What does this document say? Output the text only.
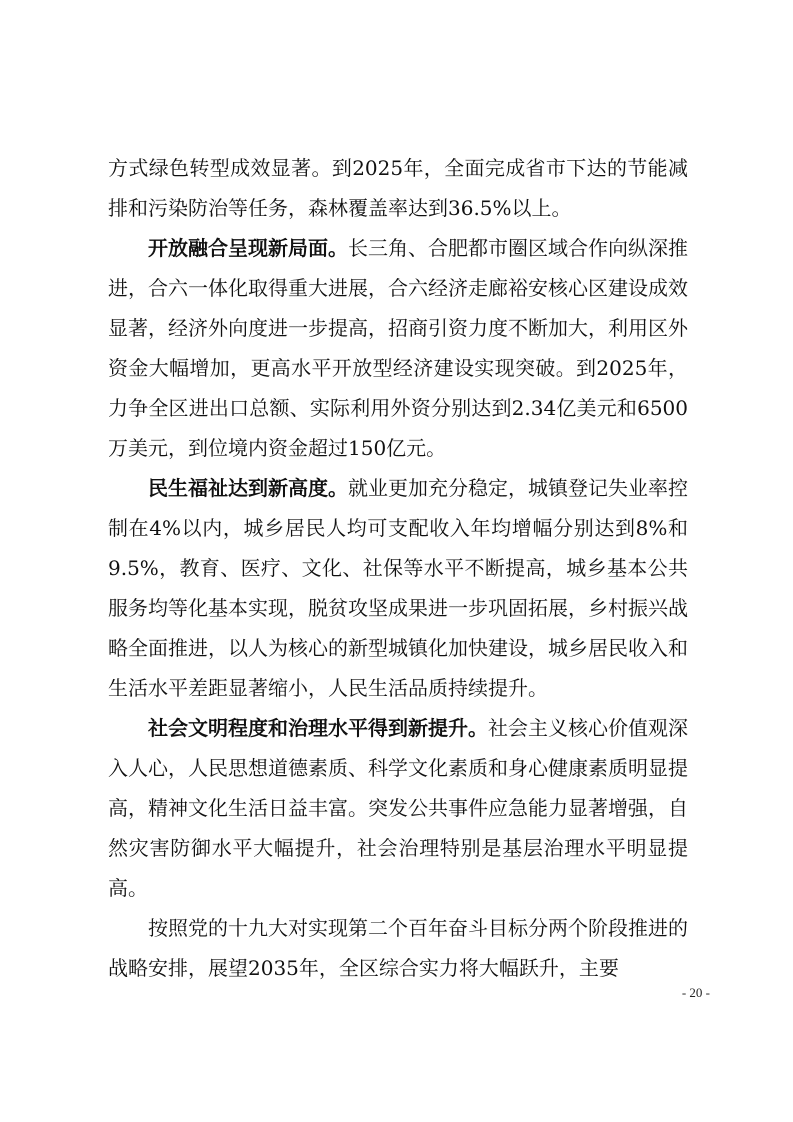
方式绿色转型成效显著。到2025年，全面完成省市下达的节能减排和污染防治等任务，森林覆盖率达到36.5%以上。

开放融合呈现新局面。长三角、合肥都市圈区域合作向纵深推进，合六一体化取得重大进展，合六经济走廊裕安核心区建设成效显著，经济外向度进一步提高，招商引资力度不断加大，利用区外资金大幅增加，更高水平开放型经济建设实现突破。到2025年，力争全区进出口总额、实际利用外资分别达到2.34亿美元和6500万美元，到位境内资金超过150亿元。

民生福祉达到新高度。就业更加充分稳定，城镇登记失业率控制在4%以内，城乡居民人均可支配收入年均增幅分别达到8%和9.5%，教育、医疗、文化、社保等水平不断提高，城乡基本公共服务均等化基本实现，脱贫攻坚成果进一步巩固拓展，乡村振兴战略全面推进，以人为核心的新型城镇化加快建设，城乡居民收入和生活水平差距显著缩小，人民生活品质持续提升。

社会文明程度和治理水平得到新提升。社会主义核心价值观深入人心，人民思想道德素质、科学文化素质和身心健康素质明显提高，精神文化生活日益丰富。突发公共事件应急能力显著增强，自然灾害防御水平大幅提升，社会治理特别是基层治理水平明显提高。

按照党的十九大对实现第二个百年奋斗目标分两个阶段推进的战略安排，展望2035年，全区综合实力将大幅跃升，主要

- 20 -
